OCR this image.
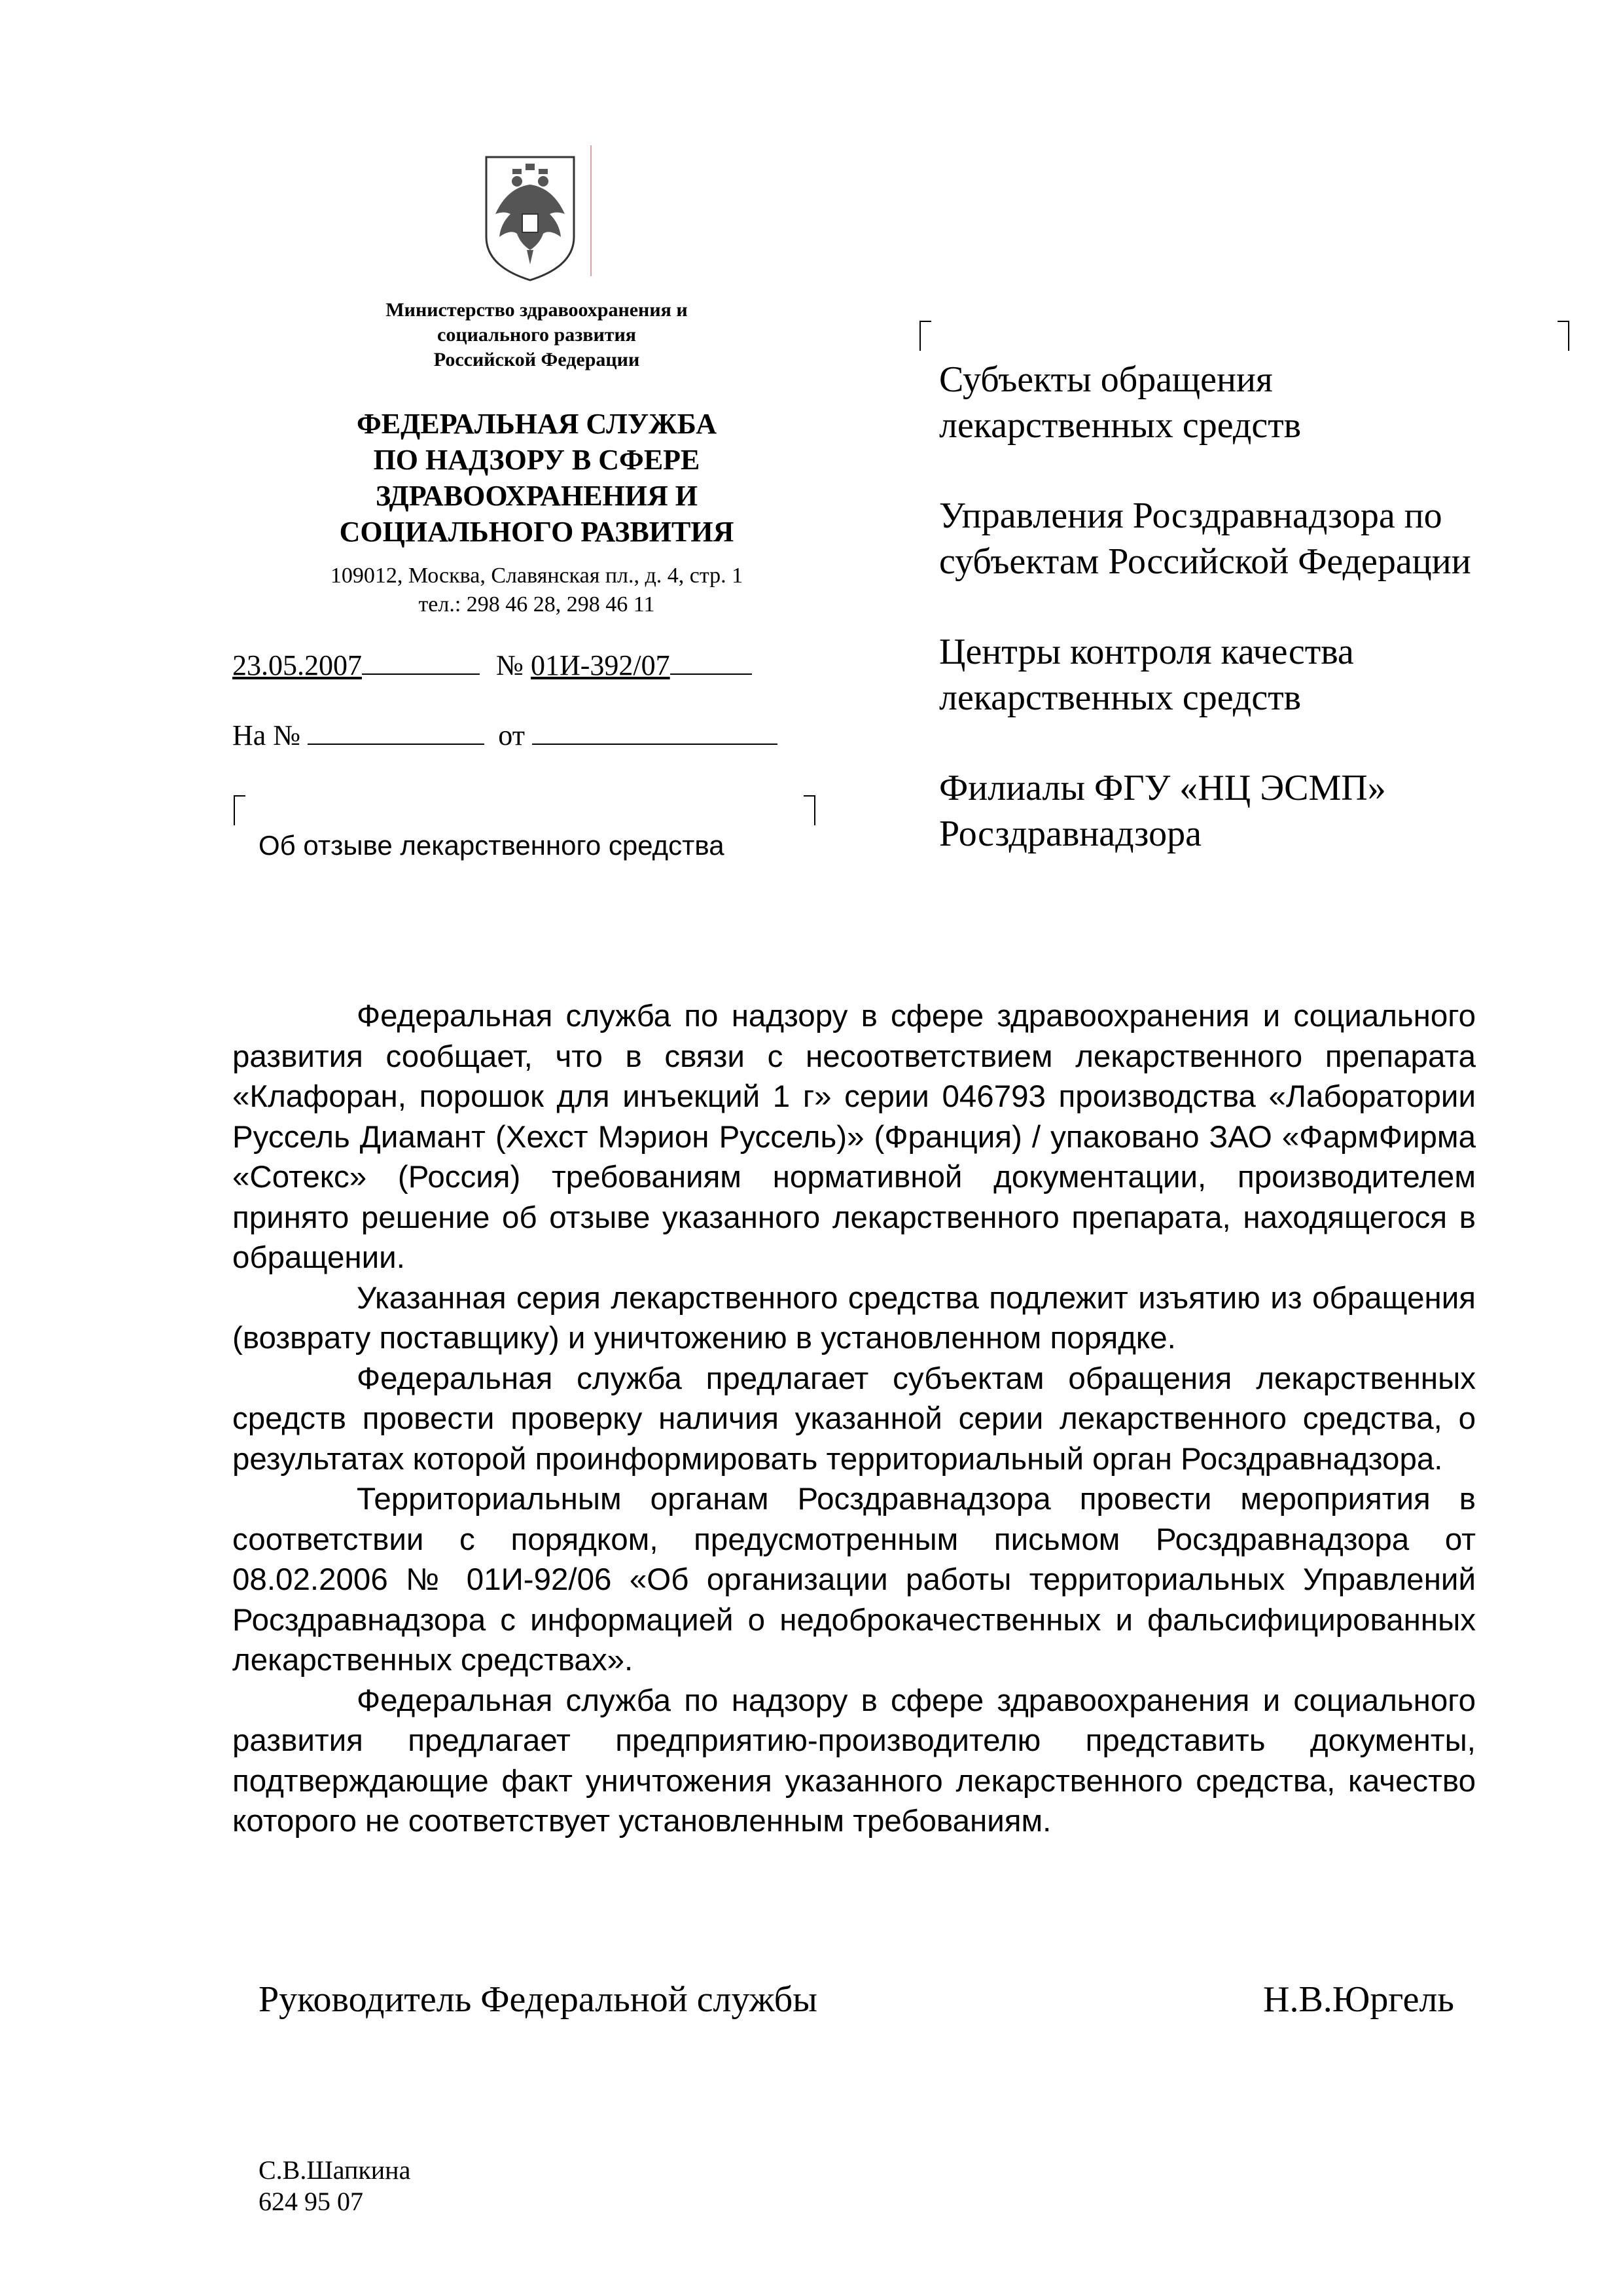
Министерство здравоохранения и
социального развития
Российской Федерации
ФЕДЕРАЛЬНАЯ СЛУЖБА
ПО НАДЗОРУ В СФЕРЕ
ЗДРАВООХРАНЕНИЯ И
СОЦИАЛЬНОГО РАЗВИТИЯ
109012, Москва, Славянская пл., д. 4, стр. 1
тел.: 298 46 28, 298 46 11
23.05.2007	№ 01И-392/07
На №	от
Об отзыве лекарственного средства
Субъекты обращения
лекарственных средств
Управления Росздравнадзора по
субъектам Российской Федерации
Центры контроля качества
лекарственных средств
Филиалы ФГУ «НЦ ЭСМП»
Росздравнадзора

Федеральная служба по надзору в сфере здравоохранения и социального развития сообщает, что в связи с несоответствием лекарственного препарата «Клафоран, порошок для инъекций 1 г» серии 046793 производства «Лаборатории Руссель Диамант (Хехст Мэрион Руссель)» (Франция) / упаковано ЗАО «ФармФирма «Сотекс» (Россия) требованиям нормативной документации, производителем принято решение об отзыве указанного лекарственного препарата, находящегося в обращении.

Указанная серия лекарственного средства подлежит изъятию из обращения (возврату поставщику) и уничтожению в установленном порядке.

Федеральная служба предлагает субъектам обращения лекарственных средств провести проверку наличия указанной серии лекарственного средства, о результатах которой проинформировать территориальный орган Росздравнадзора.

Территориальным органам Росздравнадзора провести мероприятия в соответствии с порядком, предусмотренным письмом Росздравнадзора от 08.02.2006 № 01И-92/06 «Об организации работы территориальных Управлений Росздравнадзора с информацией о недоброкачественных и фальсифицированных лекарственных средствах».

Федеральная служба по надзору в сфере здравоохранения и социального развития предлагает предприятию-производителю представить документы, подтверждающие факт уничтожения указанного лекарственного средства, качество которого не соответствует установленным требованиям.

Руководитель Федеральной службы	Н.В.Юргель
С.В.Шапкина
624 95 07
